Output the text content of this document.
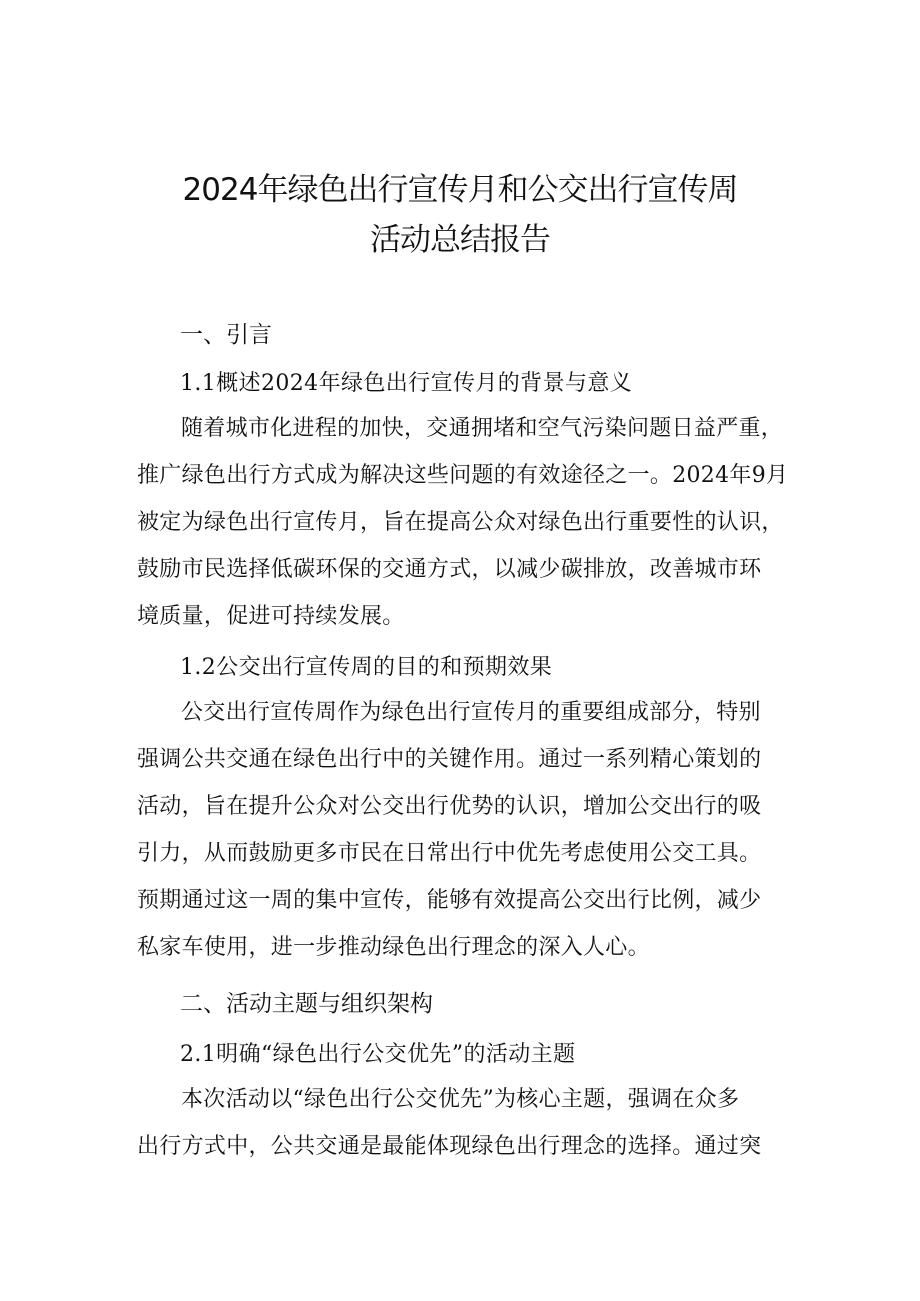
2024年绿色出行宣传月和公交出行宣传周
活动总结报告
一、引言
1.1概述2024年绿色出行宣传月的背景与意义
随着城市化进程的加快，交通拥堵和空气污染问题日益严重，
推广绿色出行方式成为解决这些问题的有效途径之一。2024年9月
被定为绿色出行宣传月，旨在提高公众对绿色出行重要性的认识，
鼓励市民选择低碳环保的交通方式，以减少碳排放，改善城市环
境质量，促进可持续发展。
1.2公交出行宣传周的目的和预期效果
公交出行宣传周作为绿色出行宣传月的重要组成部分，特别
强调公共交通在绿色出行中的关键作用。通过一系列精心策划的
活动，旨在提升公众对公交出行优势的认识，增加公交出行的吸
引力，从而鼓励更多市民在日常出行中优先考虑使用公交工具。
预期通过这一周的集中宣传，能够有效提高公交出行比例，减少
私家车使用，进一步推动绿色出行理念的深入人心。
二、活动主题与组织架构
2.1明确“绿色出行公交优先”的活动主题
本次活动以“绿色出行公交优先”为核心主题，强调在众多
出行方式中，公共交通是最能体现绿色出行理念的选择。通过突
